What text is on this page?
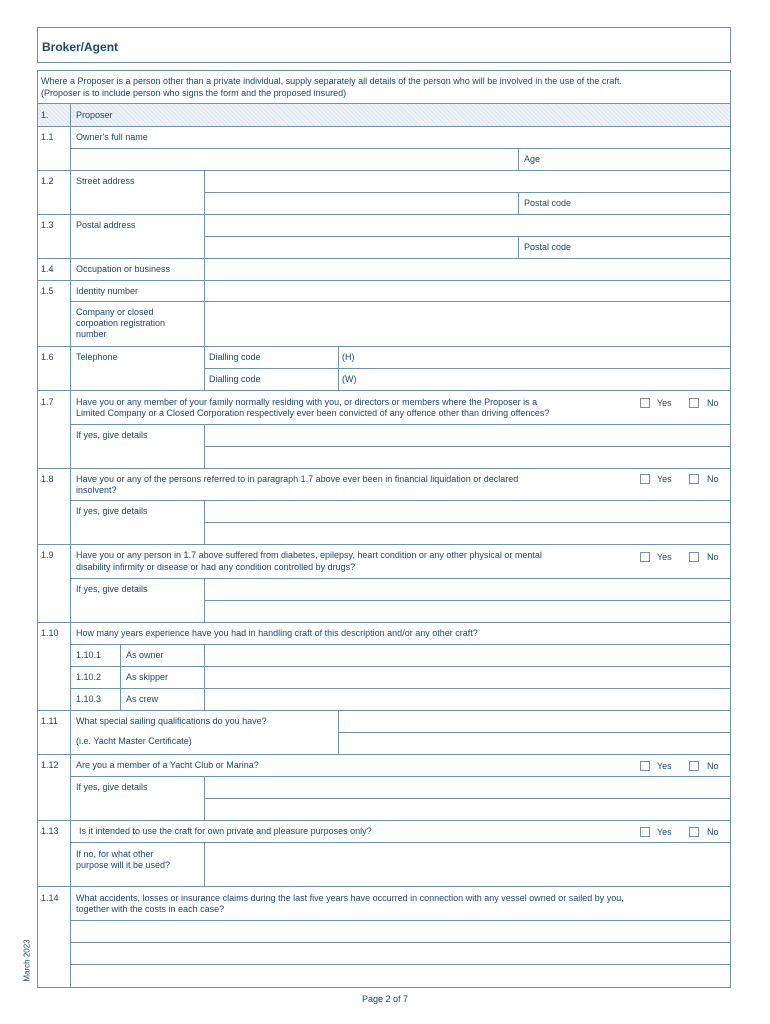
Broker/Agent
Where a Proposer is a person other than a private individual, supply separately all details of the person who will be involved in the use of the craft.
(Proposer is to include person who signs the form and the proposed insured)
1.	Proposer
1.1 Owner's full name
Age
1.2 Street address
Postal code
1.3 Postal address
Postal code
1.4 Occupation or business
1.5 Identity number
Company or closed corpoation registration number
1.6 Telephone	Dialling code	(H)
Dialling code	(W)
1.7 Have you or any member of your family normally residing with you, or directors or members where the Proposer is a
Limited Company or a Closed Corporation respectively ever been convicted of any offence other than driving offences?
Yes	No
If yes, give details
1.8 Have you or any of the persons referred to in paragraph 1.7 above ever been in financial liquidation or declared
insolvent?
Yes	No
If yes, give details
1.9 Have you or any person in 1.7 above suffered from diabetes, epilepsy, heart condition or any other physical or mental
disability infirmity or disease or had any condition controlled by drugs?
Yes	No
If yes, give details
1.10 How many years experience have you had in handling craft of this description and/or any other craft?
1.10.1	As owner
1.10.2	As skipper
1.10.3	As crew
1.11 What special sailing qualifications do you have?
(i.e. Yacht Master Certificate)
1.12 Are you a member of a Yacht Club or Marina?	Yes	No
If yes, give details
1.13 Is it intended to use the craft for own private and pleasure purposes only?	Yes	No
If no, for what other
purpose will it be used?
1.14 What accidents, losses or insurance claims during the last five years have occurred in connection with any vessel owned or sailed by you,
together with the costs in each case?
March 2023
Page 2 of 7
